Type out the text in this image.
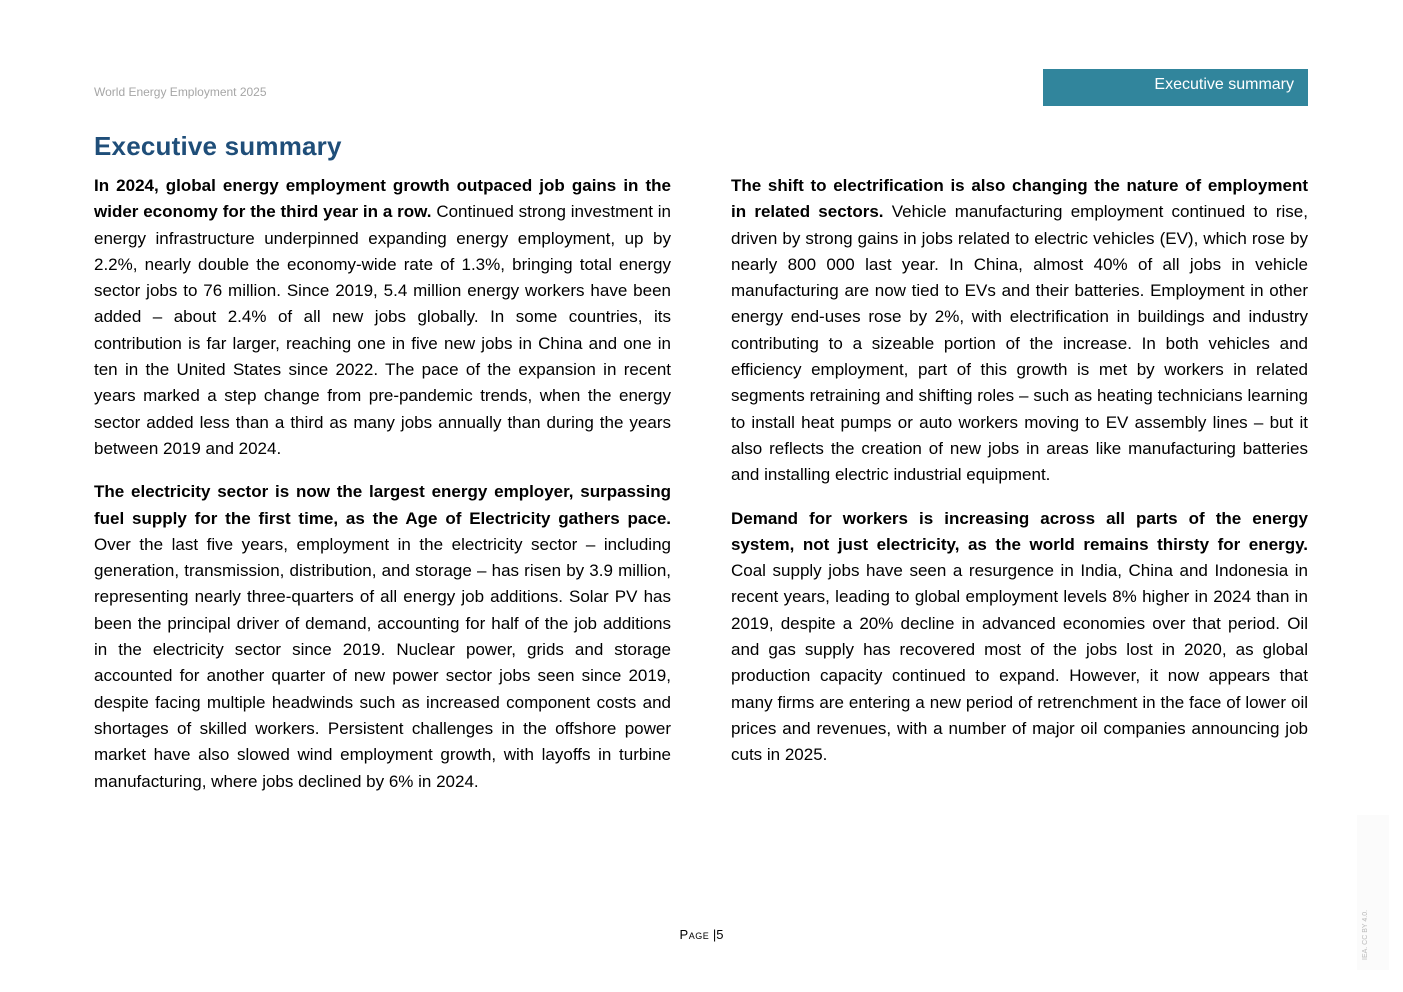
World Energy Employment 2025	Executive summary
Executive summary

In 2024, global energy employment growth outpaced job gains in the wider economy for the third year in a row. Continued strong investment in energy infrastructure underpinned expanding energy employment, up by 2.2%, nearly double the economy-wide rate of 1.3%, bringing total energy sector jobs to 76 million. Since 2019, 5.4 million energy workers have been added – about 2.4% of all new jobs globally. In some countries, its contribution is far larger, reaching one in five new jobs in China and one in ten in the United States since 2022. The pace of the expansion in recent years marked a step change from pre-pandemic trends, when the energy sector added less than a third as many jobs annually than during the years between 2019 and 2024.

The electricity sector is now the largest energy employer, surpassing fuel supply for the first time, as the Age of Electricity gathers pace. Over the last five years, employment in the electricity sector – including generation, transmission, distribution, and storage – has risen by 3.9 million, representing nearly three-quarters of all energy job additions. Solar PV has been the principal driver of demand, accounting for half of the job additions in the electricity sector since 2019. Nuclear power, grids and storage accounted for another quarter of new power sector jobs seen since 2019, despite facing multiple headwinds such as increased component costs and shortages of skilled workers. Persistent challenges in the offshore power market have also slowed wind employment growth, with layoffs in turbine manufacturing, where jobs declined by 6% in 2024.

The shift to electrification is also changing the nature of employment in related sectors. Vehicle manufacturing employment continued to rise, driven by strong gains in jobs related to electric vehicles (EV), which rose by nearly 800 000 last year. In China, almost 40% of all jobs in vehicle manufacturing are now tied to EVs and their batteries. Employment in other energy end-uses rose by 2%, with electrification in buildings and industry contributing to a sizeable portion of the increase. In both vehicles and efficiency employment, part of this growth is met by workers in related segments retraining and shifting roles – such as heating technicians learning to install heat pumps or auto workers moving to EV assembly lines – but it also reflects the creation of new jobs in areas like manufacturing batteries and installing electric industrial equipment.

Demand for workers is increasing across all parts of the energy system, not just electricity, as the world remains thirsty for energy. Coal supply jobs have seen a resurgence in India, China and Indonesia in recent years, leading to global employment levels 8% higher in 2024 than in 2019, despite a 20% decline in advanced economies over that period. Oil and gas supply has recovered most of the jobs lost in 2020, as global production capacity continued to expand. However, it now appears that many firms are entering a new period of retrenchment in the face of lower oil prices and revenues, with a number of major oil companies announcing job cuts in 2025.

Page |5	IEA. CC BY 4.0.
